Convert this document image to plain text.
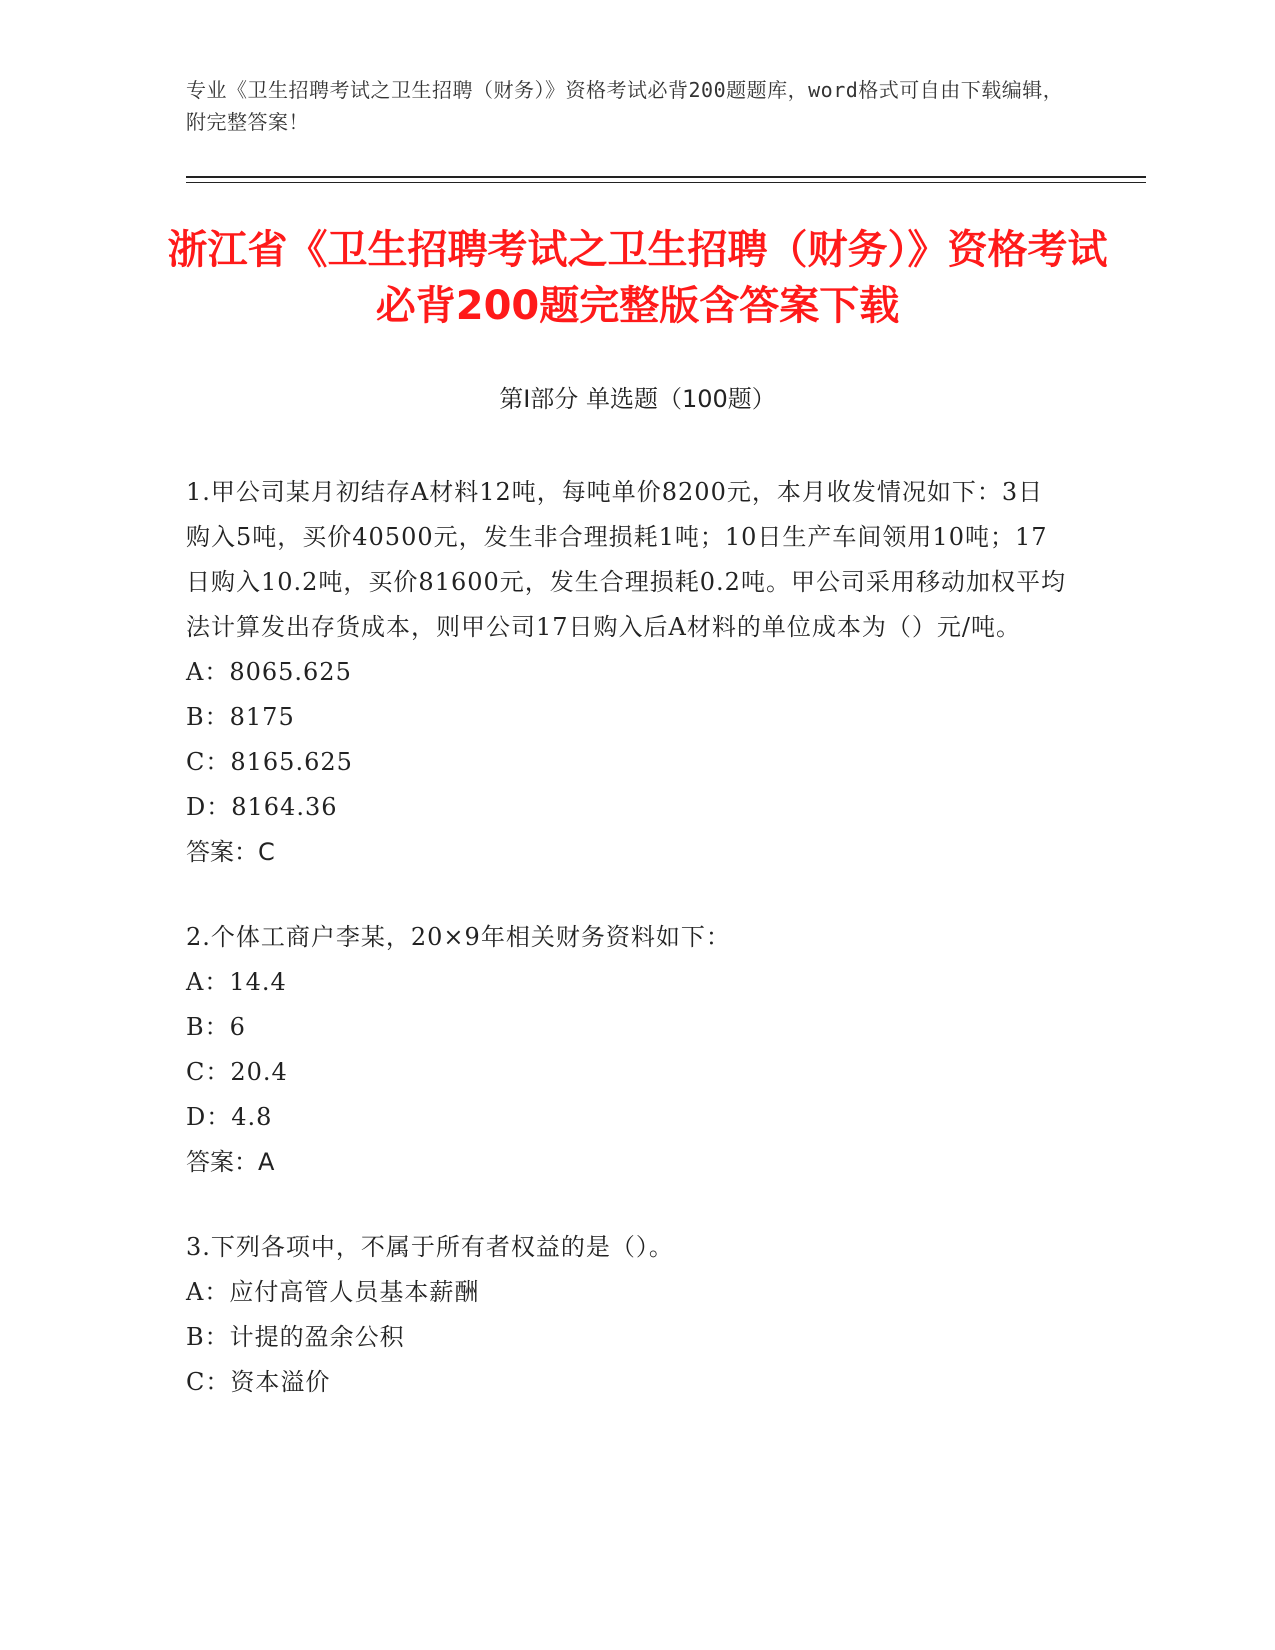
专业《卫生招聘考试之卫生招聘（财务）》资格考试必背200题题库，word格式可自由下载编辑，附完整答案！
浙江省《卫生招聘考试之卫生招聘（财务）》资格考试必背200题完整版含答案下载
第Ⅰ部分 单选题（100题）
1.甲公司某月初结存A材料12吨，每吨单价8200元，本月收发情况如下：3日购入5吨，买价40500元，发生非合理损耗1吨；10日生产车间领用10吨；17日购入10.2吨，买价81600元，发生合理损耗0.2吨。甲公司采用移动加权平均法计算发出存货成本，则甲公司17日购入后A材料的单位成本为（）元/吨。
A：8065.625
B：8175
C：8165.625
D：8164.36
答案：C
2.个体工商户李某，20×9年相关财务资料如下：
A：14.4
B：6
C：20.4
D：4.8
答案：A
3.下列各项中，不属于所有者权益的是（）。
A：应付高管人员基本薪酬
B：计提的盈余公积
C：资本溢价
